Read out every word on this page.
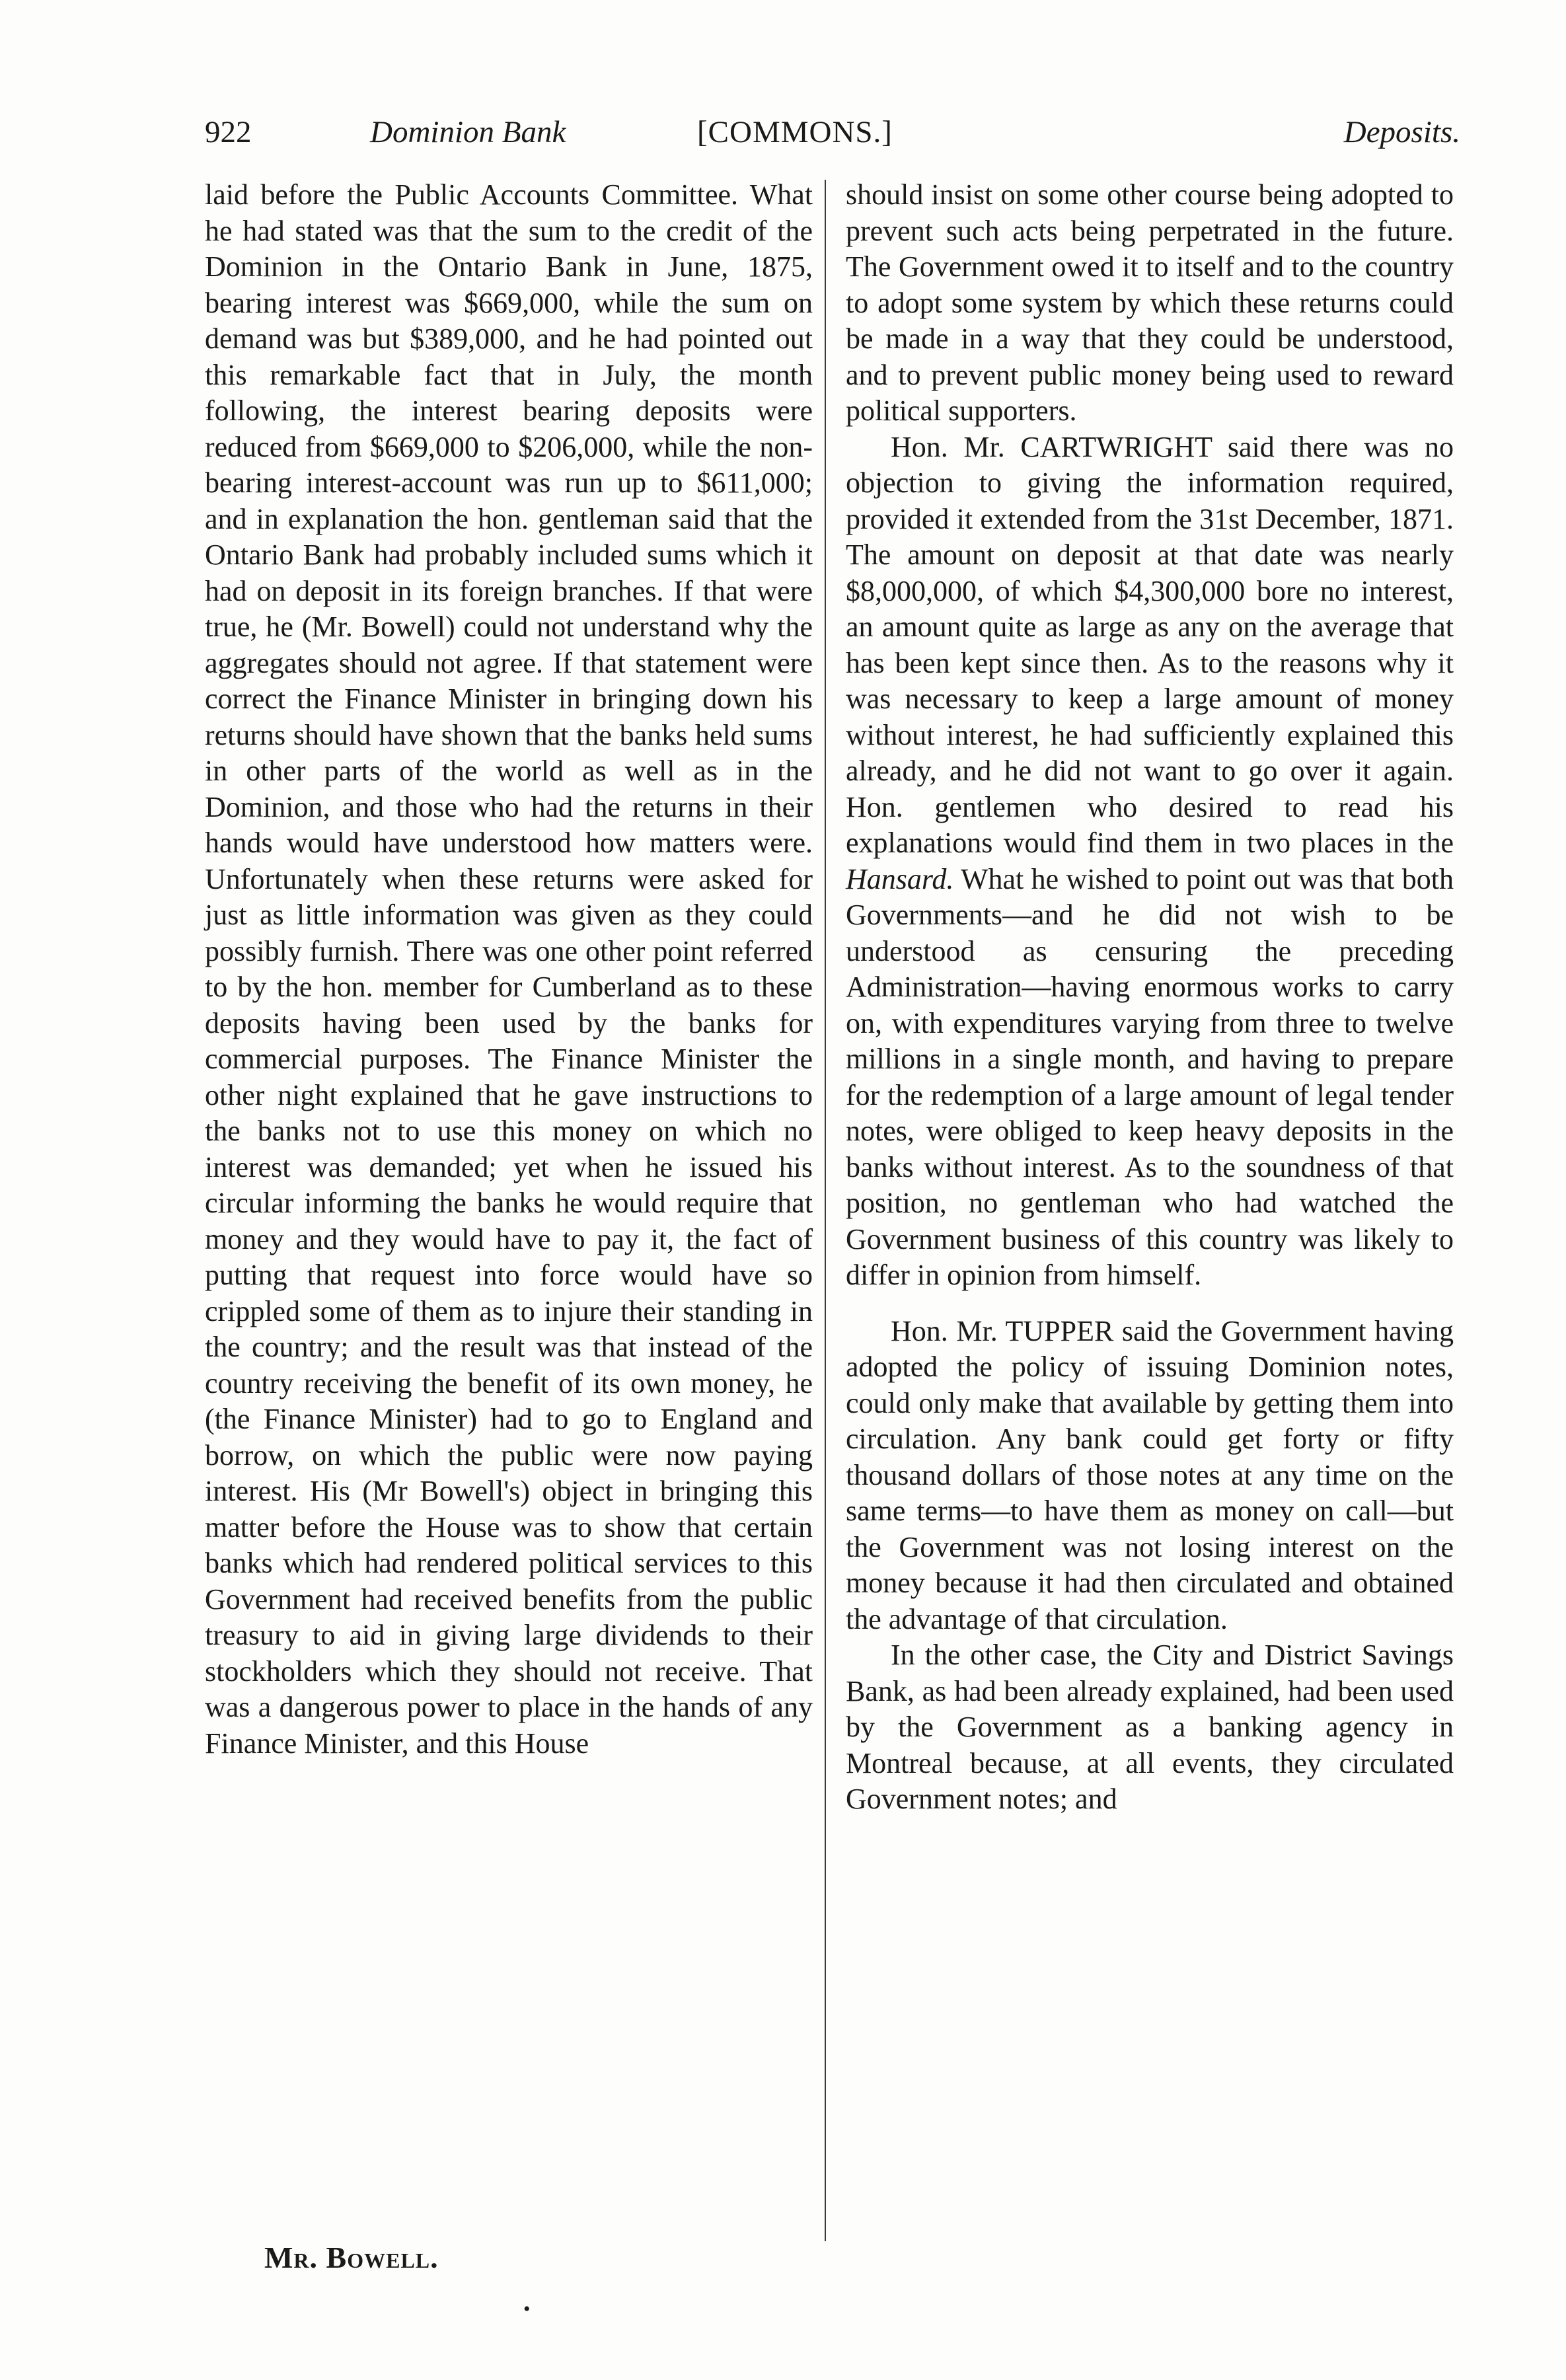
922	Dominion Bank	[COMMONS.]	Deposits.

laid before the Public Accounts Committee. What he had stated was that the sum to the credit of the Dominion in the Ontario Bank in June, 1875, bearing interest was $669,000, while the sum on demand was but $389,000, and he had pointed out this remarkable fact that in July, the month following, the interest bearing deposits were reduced from $669,000 to $206,000, while the non-bearing interest-account was run up to $611,000; and in explanation the hon. gentleman said that the Ontario Bank had probably included sums which it had on deposit in its foreign branches. If that were true, he (Mr. Bowell) could not understand why the aggregates should not agree. If that statement were correct the Finance Minister in bringing down his returns should have shown that the banks held sums in other parts of the world as well as in the Dominion, and those who had the returns in their hands would have understood how matters were. Unfortunately when these returns were asked for just as little information was given as they could possibly furnish. There was one other point referred to by the hon. member for Cumberland as to these deposits having been used by the banks for commercial purposes. The Finance Minister the other night explained that he gave instructions to the banks not to use this money on which no interest was demanded; yet when he issued his circular informing the banks he would require that money and they would have to pay it, the fact of putting that request into force would have so crippled some of them as to injure their standing in the country; and the result was that instead of the country receiving the benefit of its own money, he (the Finance Minister) had to go to England and borrow, on which the public were now paying interest. His (Mr Bowell's) object in bringing this matter before the House was to show that certain banks which had rendered political services to this Government had received benefits from the public treasury to aid in giving large dividends to their stockholders which they should not receive. That was a dangerous power to place in the hands of any Finance Minister, and this House

should insist on some other course being adopted to prevent such acts being perpetrated in the future. The Government owed it to itself and to the country to adopt some system by which these returns could be made in a way that they could be understood, and to prevent public money being used to reward political supporters.

Hon. Mr. CARTWRIGHT said there was no objection to giving the information required, provided it extended from the 31st December, 1871. The amount on deposit at that date was nearly $8,000,000, of which $4,300,000 bore no interest, an amount quite as large as any on the average that has been kept since then. As to the reasons why it was necessary to keep a large amount of money without interest, he had sufficiently explained this already, and he did not want to go over it again. Hon. gentlemen who desired to read his explanations would find them in two places in the Hansard. What he wished to point out was that both Governments—and he did not wish to be understood as censuring the preceding Administration—having enormous works to carry on, with expenditures varying from three to twelve millions in a single month, and having to prepare for the redemption of a large amount of legal tender notes, were obliged to keep heavy deposits in the banks without interest. As to the soundness of that position, no gentleman who had watched the Government business of this country was likely to differ in opinion from himself.

Hon. Mr. TUPPER said the Government having adopted the policy of issuing Dominion notes, could only make that available by getting them into circulation. Any bank could get forty or fifty thousand dollars of those notes at any time on the same terms—to have them as money on call—but the Government was not losing interest on the money because it had then circulated and obtained the advantage of that circulation.

In the other case, the City and District Savings Bank, as had been already explained, had been used by the Government as a banking agency in Montreal because, at all events, they circulated Government notes; and

Mr. Bowell.
•
